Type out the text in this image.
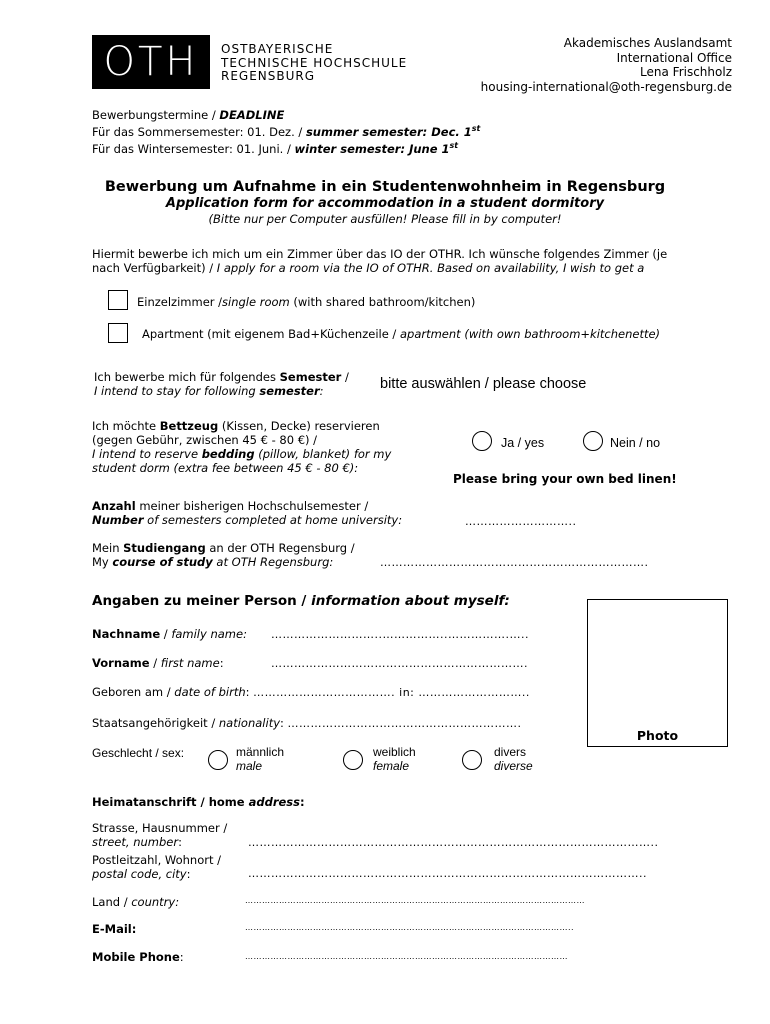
OTH OSTBAYERISCHE
TECHNISCHE HOCHSCHULE
REGENSBURG
Akademisches Auslandsamt
International Office
Lena Frischholz
housing-international@oth-regensburg.de
Bewerbungstermine / DEADLINE
Für das Sommersemester: 01. Dez. / summer semester: Dec. 1st
Für das Wintersemester: 01. Juni. / winter semester: June 1st
Bewerbung um Aufnahme in ein Studentenwohnheim in Regensburg
Application form for accommodation in a student dormitory
(Bitte nur per Computer ausfüllen! Please fill in by computer!
Hiermit bewerbe ich mich um ein Zimmer über das IO der OTHR. Ich wünsche folgendes Zimmer (je
nach Verfügbarkeit) / I apply for a room via the IO of OTHR. Based on availability, I wish to get a
Einzelzimmer /single room (with shared bathroom/kitchen)
Apartment (mit eigenem Bad+Küchenzeile / apartment (with own bathroom+kitchenette)
Ich bewerbe mich für folgendes Semester /
I intend to stay for following semester:	bitte auswählen / please choose
Ich möchte Bettzeug (Kissen, Decke) reservieren
(gegen Gebühr, zwischen 45 € - 80 €) /
I intend to reserve bedding (pillow, blanket) for my
student dorm (extra fee between 45 € - 80 €):
Ja / yes	Nein / no
Please bring your own bed linen!
Anzahl meiner bisherigen Hochschulsemester /
Number of semesters completed at home university:	………………………..
Mein Studiengang an der OTH Regensburg /
My course of study at OTH Regensburg:	…………………………………………………………….
Angaben zu meiner Person / information about myself:
Photo
Nachname / family name: ………………………..……………..…………….…..
Vorname / first name:	………………………………………………………….
Geboren am / date of birth: ………………………………. in: ………………………..
Staatsangehörigkeit / nationality: …………………………………………………….
Geschlecht / sex:	männlich
male
weiblich
female
divers
diverse
Heimatanschrift / home address:
Strasse, Hausnummer /
street, number:	……………………………………………………………………………………………..
Postleitzahl, Wohnort /
postal code, city:	…………………………………………………………………………………………..
Land / country:	…………………………………………………………………………………………………………
E-Mail:	……………………………………………………………………………………………………..
Mobile Phone:	……………………………………………………………………………………………………
